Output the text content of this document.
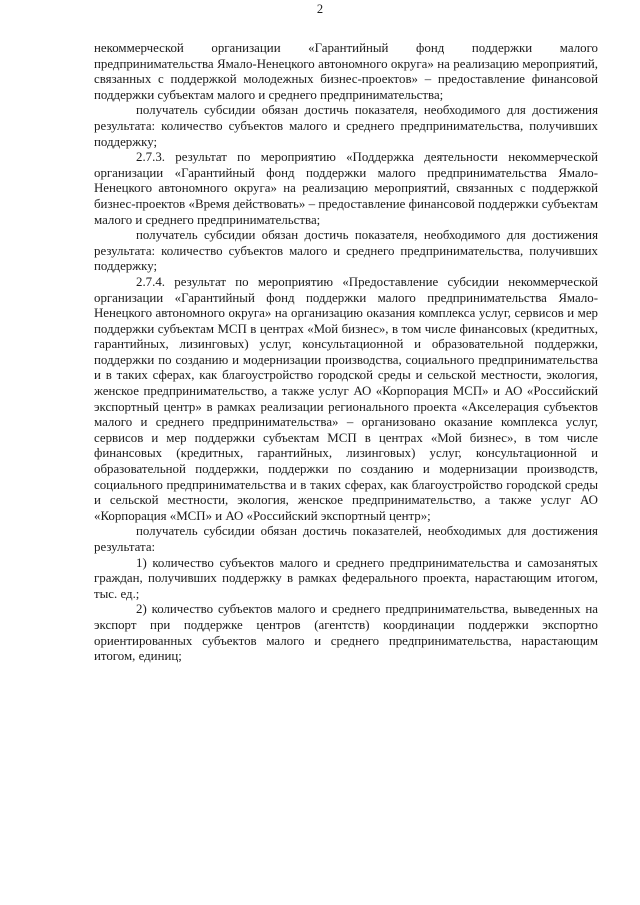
2

некоммерческой организации «Гарантийный фонд поддержки малого предпринимательства Ямало-Ненецкого автономного округа» на реализацию мероприятий, связанных с поддержкой молодежных бизнес-проектов» – предоставление финансовой поддержки субъектам малого и среднего предпринимательства;

получатель субсидии обязан достичь показателя, необходимого для достижения результата: количество субъектов малого и среднего предпринимательства, получивших поддержку;

2.7.3. результат по мероприятию «Поддержка деятельности некоммерческой организации «Гарантийный фонд поддержки малого предпринимательства Ямало-Ненецкого автономного округа» на реализацию мероприятий, связанных с поддержкой бизнес-проектов «Время действовать» – предоставление финансовой поддержки субъектам малого и среднего предпринимательства;

получатель субсидии обязан достичь показателя, необходимого для достижения результата: количество субъектов малого и среднего предпринимательства, получивших поддержку;

2.7.4. результат по мероприятию «Предоставление субсидии некоммерческой организации «Гарантийный фонд поддержки малого предпринимательства Ямало-Ненецкого автономного округа» на организацию оказания комплекса услуг, сервисов и мер поддержки субъектам МСП в центрах «Мой бизнес», в том числе финансовых (кредитных, гарантийных, лизинговых) услуг, консультационной и образовательной поддержки, поддержки по созданию и модернизации производства, социального предпринимательства и в таких сферах, как благоустройство городской среды и сельской местности, экология, женское предпринимательство, а также услуг АО «Корпорация МСП» и АО «Российский экспортный центр» в рамках реализации регионального проекта «Акселерация субъектов малого и среднего предпринимательства» – организовано оказание комплекса услуг, сервисов и мер поддержки субъектам МСП в центрах «Мой бизнес», в том числе финансовых (кредитных, гарантийных, лизинговых) услуг, консультационной и образовательной поддержки, поддержки по созданию и модернизации производств, социального предпринимательства и в таких сферах, как благоустройство городской среды и сельской местности, экология, женское предпринимательство, а также услуг АО «Корпорация «МСП» и АО «Российский экспортный центр»;

получатель субсидии обязан достичь показателей, необходимых для достижения результата:

1) количество субъектов малого и среднего предпринимательства и самозанятых граждан, получивших поддержку в рамках федерального проекта, нарастающим итогом, тыс. ед.;

2) количество субъектов малого и среднего предпринимательства, выведенных на экспорт при поддержке центров (агентств) координации поддержки экспортно ориентированных субъектов малого и среднего предпринимательства, нарастающим итогом, единиц;
